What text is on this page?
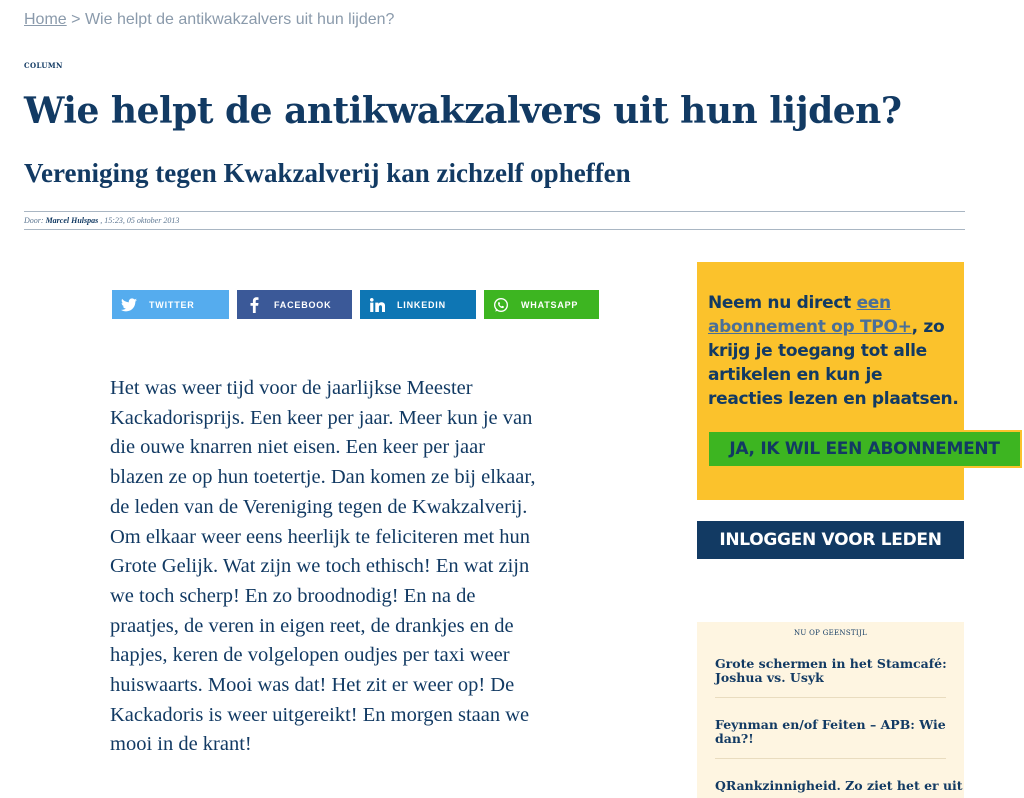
Home > Wie helpt de antikwakzalvers uit hun lijden?
COLUMN
Wie helpt de antikwakzalvers uit hun lijden?
Vereniging tegen Kwakzalverij kan zichzelf opheffen
Door: Marcel Hulspas , 15:23, 05 oktober 2013
TWITTER	FACEBOOK	LINKEDIN	WHATSAPP
Het was weer tijd voor de jaarlijkse Meester
Kackadorisprijs. Een keer per jaar. Meer kun je van
die ouwe knarren niet eisen. Een keer per jaar
blazen ze op hun toetertje. Dan komen ze bij elkaar,
de leden van de Vereniging tegen de Kwakzalverij.
Om elkaar weer eens heerlijk te feliciteren met hun
Grote Gelijk. Wat zijn we toch ethisch! En wat zijn
we toch scherp! En zo broodnodig! En na de
praatjes, de veren in eigen reet, de drankjes en de
hapjes, keren de volgelopen oudjes per taxi weer
huiswaarts. Mooi was dat! Het zit er weer op! De
Kackadoris is weer uitgereikt! En morgen staan we
mooi in de krant!
Neem nu direct een
abonnement op TPO+, zo
krijg je toegang tot alle
artikelen en kun je
reacties lezen en plaatsen.
JA, IK WIL EEN ABONNEMENT
INLOGGEN VOOR LEDEN
NU OP GEENSTIJL
Grote schermen in het Stamcafé:
Joshua vs. Usyk
Feynman en/of Feiten – APB: Wie
dan?!
QRankzinnigheid. Zo ziet het er uit
